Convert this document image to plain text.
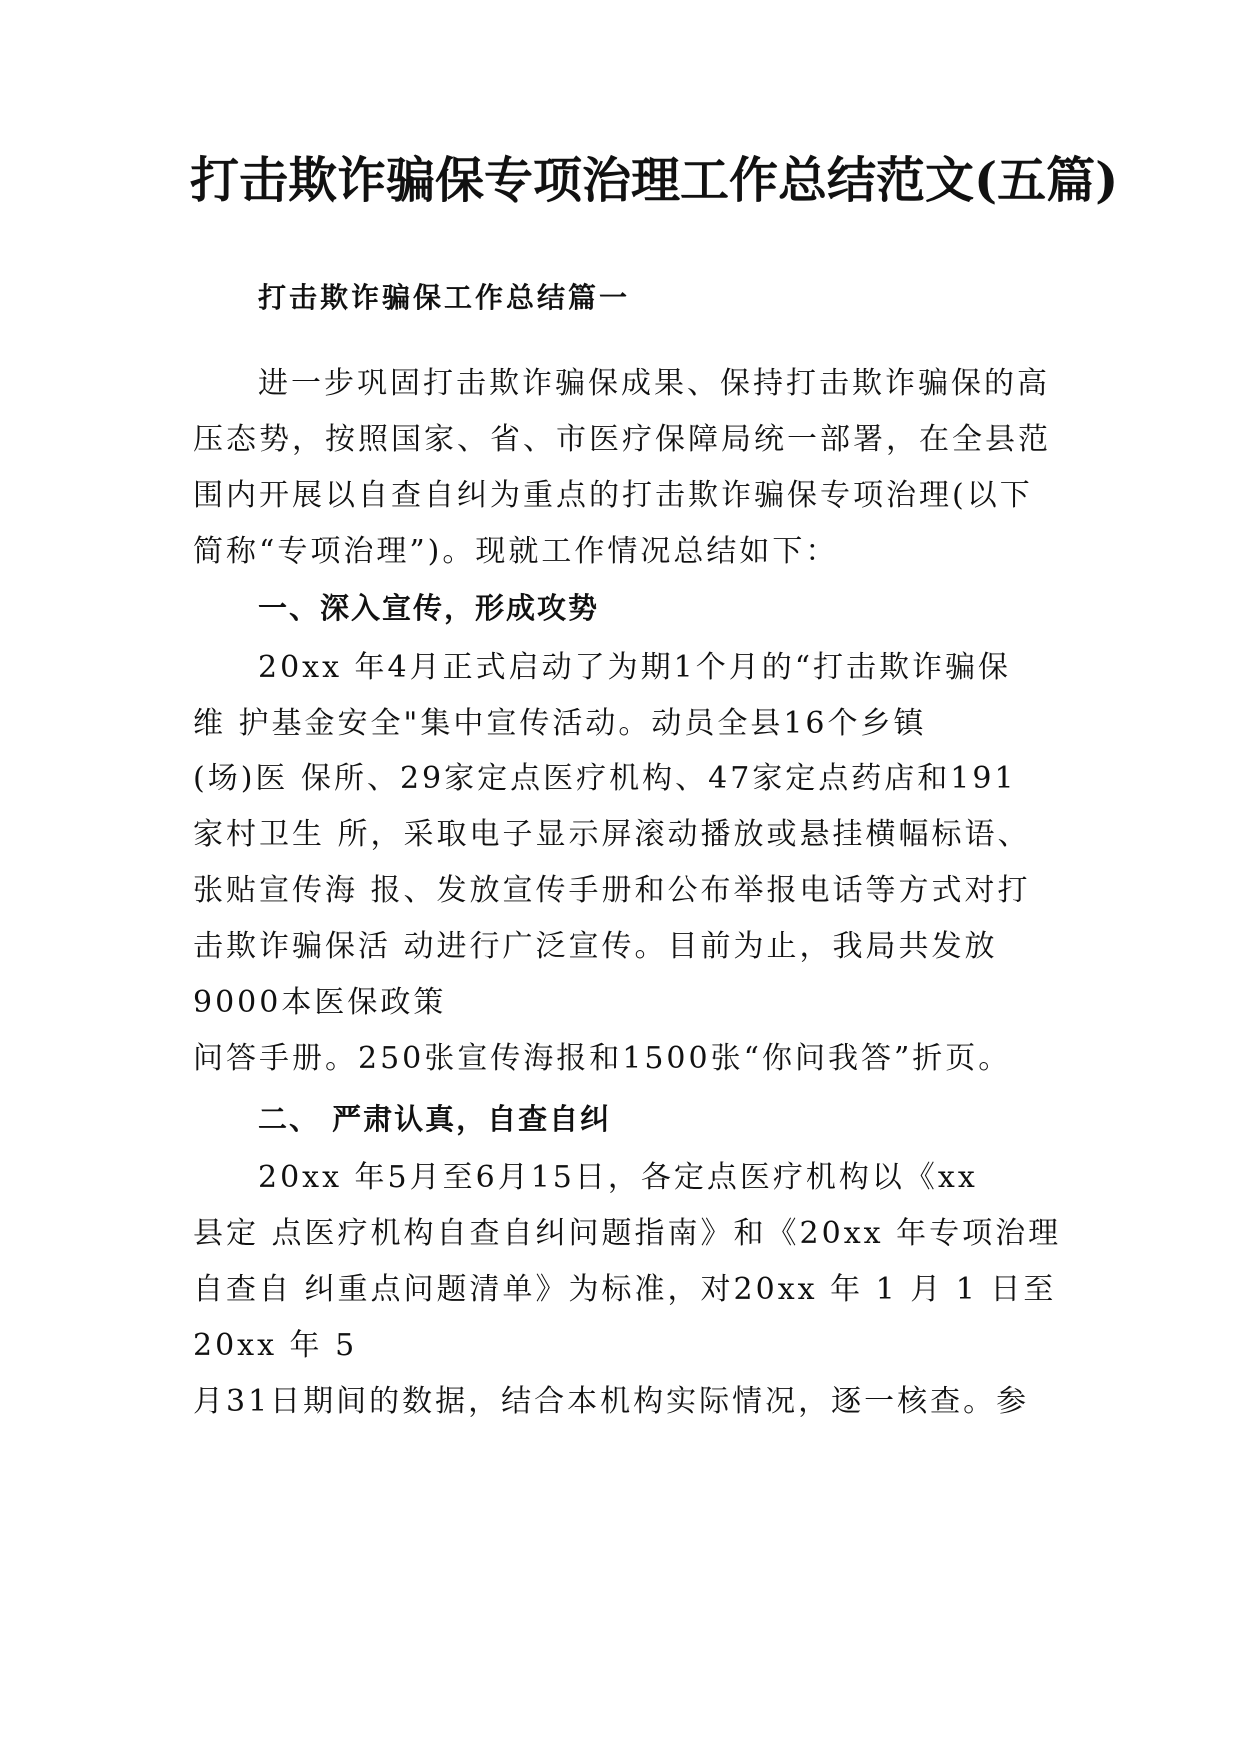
打击欺诈骗保专项治理工作总结范文(五篇)
打击欺诈骗保工作总结篇一
进一步巩固打击欺诈骗保成果、保持打击欺诈骗保的高
压态势，按照国家、省、市医疗保障局统一部署，在全县范
围内开展以自查自纠为重点的打击欺诈骗保专项治理(以下
简称“专项治理”)。现就工作情况总结如下：
一、深入宣传，形成攻势
20xx 年4月正式启动了为期1个月的“打击欺诈骗保
维 护基金安全"集中宣传活动。动员全县16个乡镇
(场)医 保所、29家定点医疗机构、47家定点药店和191
家村卫生 所，采取电子显示屏滚动播放或悬挂横幅标语、
张贴宣传海 报、发放宣传手册和公布举报电话等方式对打
击欺诈骗保活 动进行广泛宣传。目前为止，我局共发放
9000本医保政策
问答手册。250张宣传海报和1500张“你问我答”折页。
二、 严肃认真，自查自纠
20xx 年5月至6月15日，各定点医疗机构以《xx
县定 点医疗机构自查自纠问题指南》和《20xx 年专项治理
自查自 纠重点问题清单》为标准，对20xx 年 1 月 1 日至
20xx 年 5
月31日期间的数据，结合本机构实际情况，逐一核查。参
